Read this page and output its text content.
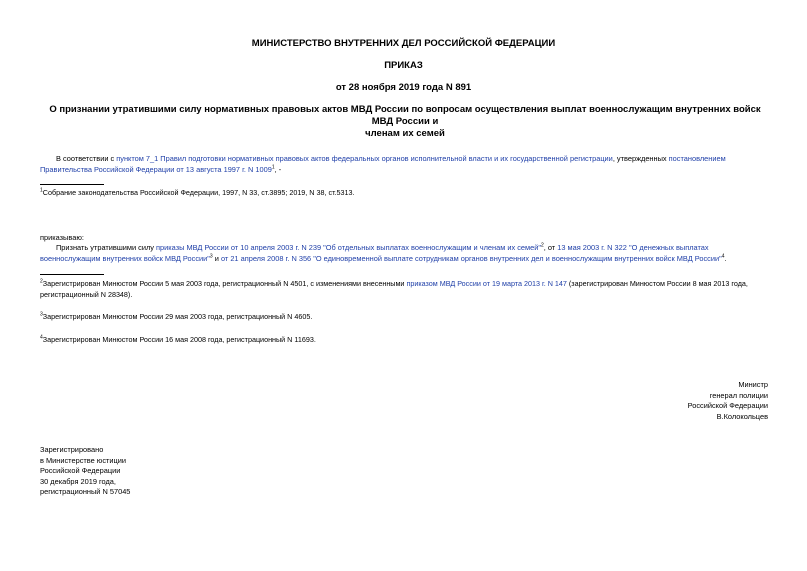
МИНИСТЕРСТВО ВНУТРЕННИХ ДЕЛ РОССИЙСКОЙ ФЕДЕРАЦИИ
ПРИКАЗ
от 28 ноября 2019 года N 891
О признании утратившими силу нормативных правовых актов МВД России по вопросам осуществления выплат военнослужащим внутренних войск МВД России и
членам их семей
В соответствии с пунктом 7_1 Правил подготовки нормативных правовых актов федеральных органов исполнительной власти и их государственной регистрации, утвержденных постановлением Правительства Российской Федерации от 13 августа 1997 г. N 1009$^1$, -
$^1$Собрание законодательства Российской Федерации, 1997, N 33, ст.3895; 2019, N 38, ст.5313.
приказываю:
Признать утратившими силу приказы МВД России от 10 апреля 2003 г. N 239 "Об отдельных выплатах военнослужащим и членам их семей"$^2$, от 13 мая 2003 г. N 322 "О денежных выплатах военнослужащим внутренних войск МВД России"$^3$ и от 21 апреля 2008 г. N 356 "О единовременной выплате сотрудникам органов внутренних дел и военнослужащим внутренних войск МВД России"$^4$.
$^2$Зарегистрирован Минюстом России 5 мая 2003 года, регистрационный N 4501, с изменениями внесенными приказом МВД России от 19 марта 2013 г. N 147 (зарегистрирован Минюстом России 8 мая 2013 года, регистрационный N 28348).
$^3$Зарегистрирован Минюстом России 29 мая 2003 года, регистрационный N 4605.
$^4$Зарегистрирован Минюстом России 16 мая 2008 года, регистрационный N 11693.
Министр
генерал полиции
Российской Федерации
В.Колокольцев
Зарегистрировано
в Министерстве юстиции
Российской Федерации
30 декабря 2019 года,
регистрационный N 57045
